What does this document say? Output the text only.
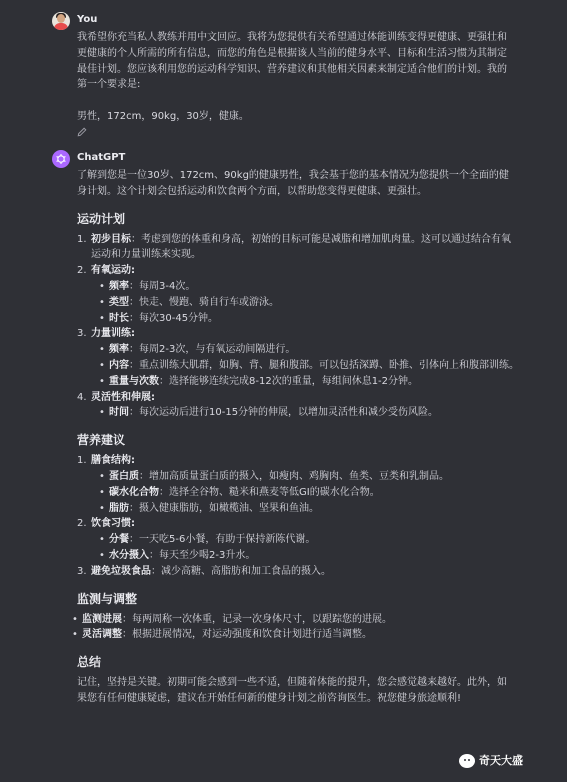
You

我希望你充当私人教练并用中文回应。我将为您提供有关希望通过体能训练变得更健康、更强壮和

更健康的个人所需的所有信息，而您的角色是根据该人当前的健身水平、目标和生活习惯为其制定

最佳计划。您应该利用您的运动科学知识、营养建议和其他相关因素来制定适合他们的计划。我的

第一个要求是:

男性，172cm，90kg，30岁，健康。

ChatGPT

了解到您是一位30岁、172cm、90kg的健康男性，我会基于您的基本情况为您提供一个全面的健

身计划。这个计划会包括运动和饮食两个方面，以帮助您变得更健康、更强壮。

运动计划
1. 初步目标：考虑到您的体重和身高，初始的目标可能是减脂和增加肌肉量。这可以通过结合有氧
运动和力量训练来实现。
2. 有氧运动:
• 频率：每周3-4次。
• 类型：快走、慢跑、骑自行车或游泳。
• 时长：每次30-45分钟。
3. 力量训练:
• 频率：每周2-3次，与有氧运动间隔进行。
• 内容：重点训练大肌群，如胸、背、腿和腹部。可以包括深蹲、卧推、引体向上和腹部训练。
• 重量与次数：选择能够连续完成8-12次的重量，每组间休息1-2分钟。
4. 灵活性和伸展:
• 时间：每次运动后进行10-15分钟的伸展，以增加灵活性和减少受伤风险。
营养建议
1. 膳食结构:
• 蛋白质：增加高质量蛋白质的摄入，如瘦肉、鸡胸肉、鱼类、豆类和乳制品。
• 碳水化合物：选择全谷物、糙米和燕麦等低GI的碳水化合物。
• 脂肪：摄入健康脂肪，如橄榄油、坚果和鱼油。
2. 饮食习惯:
• 分餐：一天吃5-6小餐，有助于保持新陈代谢。
• 水分摄入：每天至少喝2-3升水。
3. 避免垃圾食品：减少高糖、高脂肪和加工食品的摄入。
监测与调整
• 监测进展：每两周称一次体重，记录一次身体尺寸，以跟踪您的进展。
• 灵活调整：根据进展情况，对运动强度和饮食计划进行适当调整。
总结

记住，坚持是关键。初期可能会感到一些不适，但随着体能的提升，您会感觉越来越好。此外，如

果您有任何健康疑虑，建议在开始任何新的健身计划之前咨询医生。祝您健身旅途顺利!

奇天大盛
